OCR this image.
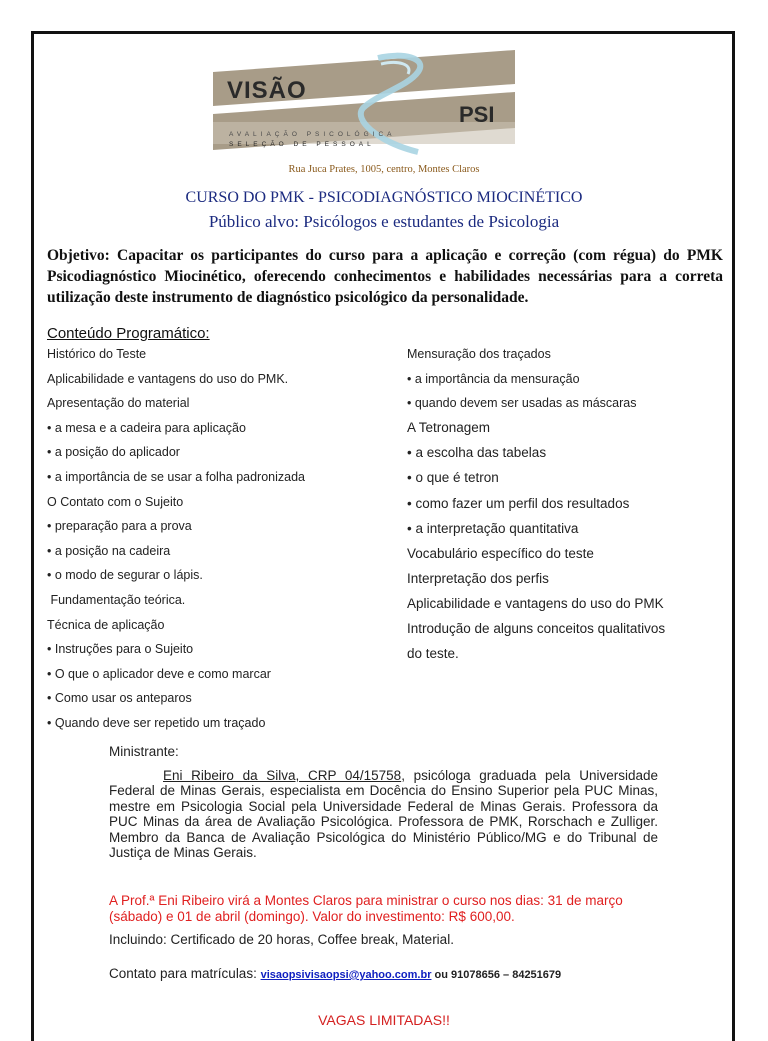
VISÃO
PSI
AVALIAÇÃO PSICOLÓGICA
SELEÇÃO DE PESSOAL
Rua Juca Prates, 1005, centro, Montes Claros
CURSO DO PMK - PSICODIAGNÓSTICO MIOCINÉTICO
Público alvo: Psicólogos e estudantes de Psicologia
Objetivo: Capacitar os participantes do curso para a aplicação e correção (com régua) do PMK Psicodiagnóstico Miocinético, oferecendo conhecimentos e habilidades necessárias para a correta utilização deste instrumento de diagnóstico psicológico da personalidade.
Conteúdo Programático:
Histórico do Teste
Aplicabilidade e vantagens do uso do PMK.
Apresentação do material
• a mesa e a cadeira para aplicação
• a posição do aplicador
• a importância de se usar a folha padronizada
O Contato com o Sujeito
• preparação para a prova
• a posição na cadeira
• o modo de segurar o lápis.
Fundamentação teórica.
Técnica de aplicação
• Instruções para o Sujeito
• O que o aplicador deve e como marcar
• Como usar os anteparos
• Quando deve ser repetido um traçado
Mensuração dos traçados
• a importância da mensuração
• quando devem ser usadas as máscaras
A Tetronagem
• a escolha das tabelas
• o que é tetron
• como fazer um perfil dos resultados
• a interpretação quantitativa
Vocabulário específico do teste
Interpretação dos perfis
Aplicabilidade e vantagens do uso do PMK
Introdução de alguns conceitos qualitativos
do teste.
Ministrante:
Eni Ribeiro da Silva, CRP 04/15758, psicóloga graduada pela Universidade Federal de Minas Gerais, especialista em Docência do Ensino Superior pela PUC Minas, mestre em Psicologia Social pela Universidade Federal de Minas Gerais. Professora da PUC Minas da área de Avaliação Psicológica. Professora de PMK, Rorschach e Zulliger. Membro da Banca de Avaliação Psicológica do Ministério Público/MG e do Tribunal de Justiça de Minas Gerais.
A Prof.ª Eni Ribeiro virá a Montes Claros para ministrar o curso nos dias: 31 de março (sábado) e 01 de abril (domingo). Valor do investimento: R$ 600,00.
Incluindo: Certificado de 20 horas, Coffee break, Material.
Contato para matrículas: visaopsivisaopsi@yahoo.com.br ou 91078656 – 84251679
VAGAS LIMITADAS!!
